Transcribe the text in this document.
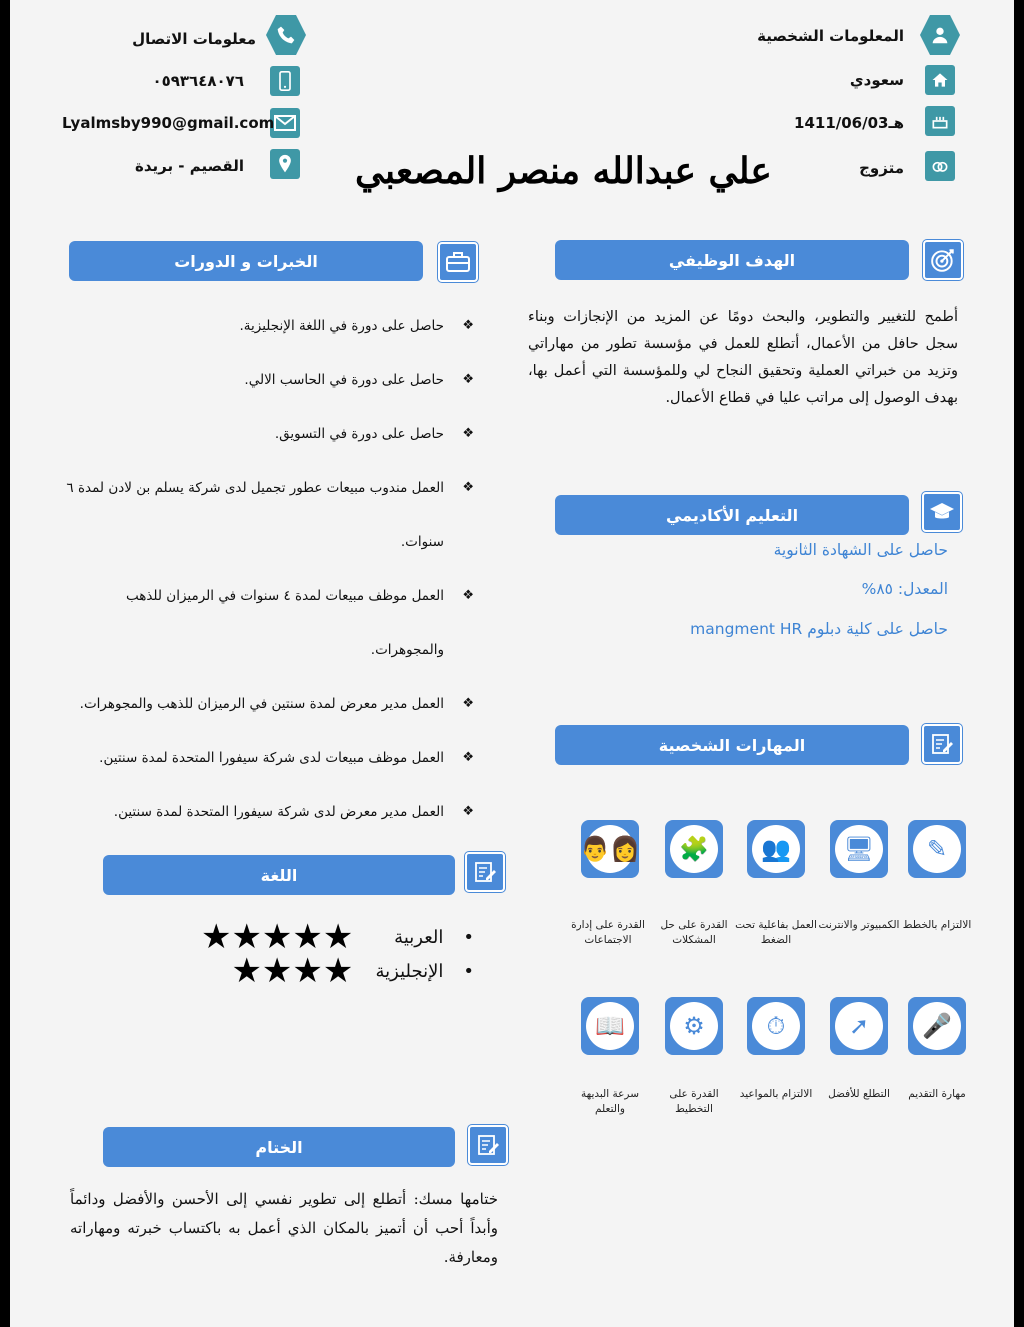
المعلومات الشخصية
سعودي
1411/06/03هـ
متزوج
معلومات الاتصال
٠٥٩٣٦٤٨٠٧٦
Lyalmsby990@gmail.com
القصيم - بريدة	علي عبدالله منصر المصعبي
الهدف الوظيفي
أطمح للتغيير والتطوير، والبحث دومًا عن المزيد من الإنجازات وبناء سجل حافل من الأعمال، أتطلع للعمل في مؤسسة تطور من مهاراتي وتزيد من خبراتي العملية وتحقيق النجاح لي وللمؤسسة التي أعمل بها، بهدف الوصول إلى مراتب عليا في قطاع الأعمال.
التعليم الأكاديمي
حاصل على الشهادة الثانوية
المعدل: ٨٥%
حاصل على كلية دبلوم mangment HR
المهارات الشخصية
✎
🖥
👥
🧩
👨‍👩
الالتزام بالخطط
الكمبيوتر والانترنت
العمل بفاعلية تحت الضغط
القدرة على حل المشكلات
القدرة على إدارة الاجتماعات
🎤
➚
⏱
⚙
📖
مهارة التقديم
التطلع للأفضل
الالتزام بالمواعيد
القدرة على التخطيط
سرعة البديهة والتعلم
الخبرات و الدورات
❖ حاصل على دورة في اللغة الإنجليزية.
❖ حاصل على دورة في الحاسب الالي.
❖ حاصل على دورة في التسويق.
❖ العمل مندوب مبيعات عطور تجميل لدى شركة يسلم بن لادن لمدة ٦
سنوات.
❖ العمل موظف مبيعات لمدة ٤ سنوات في الرميزان للذهب
والمجوهرات.
❖ العمل مدير معرض لمدة سنتين في الرميزان للذهب والمجوهرات.
❖ العمل موظف مبيعات لدى شركة سيفورا المتحدة لمدة سنتين.
❖ العمل مدير معرض لدى شركة سيفورا المتحدة لمدة سنتين.
اللغة
•
العربية
★★★★★
•
الإنجليزية
★★★★
الختام
ختامها مسك: أتطلع إلى تطوير نفسي إلى الأحسن والأفضل ودائماً وأبداً أحب أن أتميز بالمكان الذي أعمل به باكتساب خبرته ومهاراته ومعارفة.
